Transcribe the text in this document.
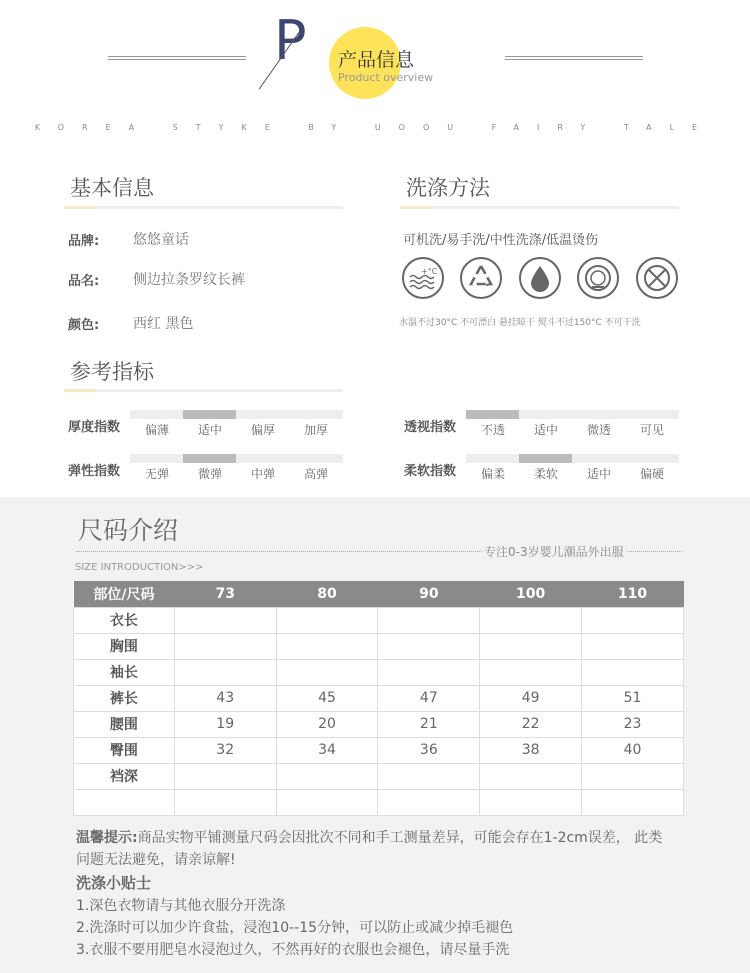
P 产品信息
Product overview
KOREA STYKE BY UOOU FAIRY TALE
基本信息
品牌: 悠悠童话
品名: 侧边拉条罗纹长裤
颜色: 西红 黑色
洗涤方法
可机洗/易手洗/中性洗涤/低温烫伤
+°C
水温不过30°C 不可漂白 悬挂晾干 熨斗不过150°C 不可干洗
参考指标
厚度指数	偏薄	适中	偏厚	加厚
弹性指数	无弹	微弹	中弹	高弹
透视指数	不透	适中	微透	可见
柔软指数	偏柔	柔软	适中	偏硬
尺码介绍
专注0-3岁婴儿潮品外出服
SIZE INTRODUCTION>>>
部位/尺码	73	80	90	100	110
衣长					
胸围					
袖长					
裤长	43	45	47	49	51
腰围	19	20	21	22	23
臀围	32	34	36	38	40
裆深					

温馨提示:商品实物平铺测量尺码会因批次不同和手工测量差异，可能会存在1-2cm误差， 此类问题无法避免，请亲谅解!
洗涤小贴士
1.深色衣物请与其他衣服分开洗涤
2.洗涤时可以加少许食盐，浸泡10--15分钟，可以防止或减少掉毛褪色
3.衣服不要用肥皂水浸泡过久，不然再好的衣服也会褪色，请尽量手洗
